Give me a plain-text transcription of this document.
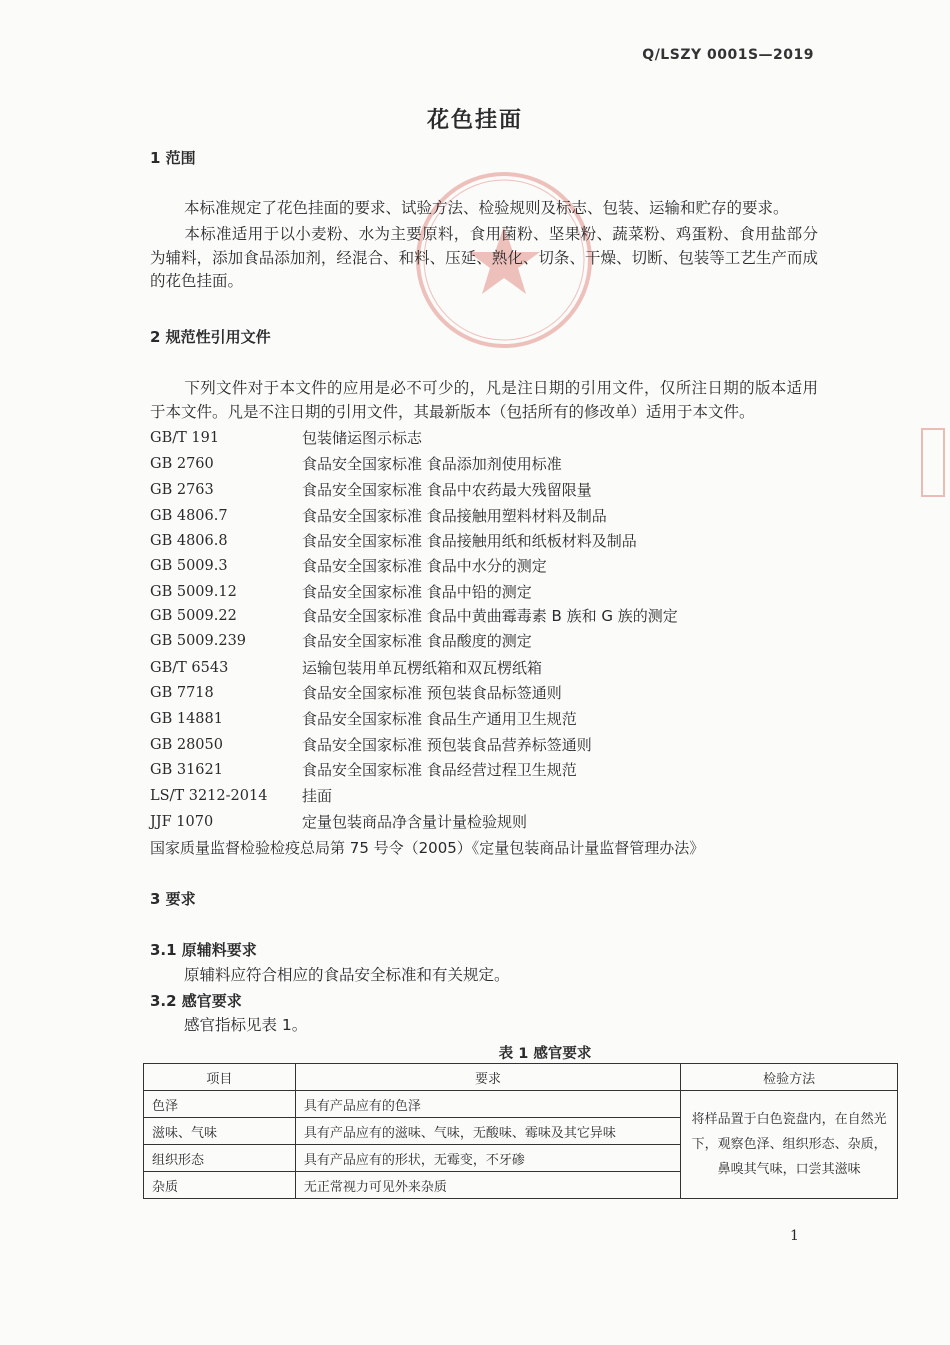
Q/LSZY 0001S—2019
花色挂面
1 范围
本标准规定了花色挂面的要求、试验方法、检验规则及标志、包装、运输和贮存的要求。
本标准适用于以小麦粉、水为主要原料，食用菌粉、坚果粉、蔬菜粉、鸡蛋粉、食用盐部分为辅料，添加食品添加剂，经混合、和料、压延、熟化、切条、干燥、切断、包装等工艺生产而成的花色挂面。
2 规范性引用文件
下列文件对于本文件的应用是必不可少的，凡是注日期的引用文件，仅所注日期的版本适用于本文件。凡是不注日期的引用文件，其最新版本（包括所有的修改单）适用于本文件。
GB/T 191	包装储运图示标志
GB 2760	食品安全国家标准 食品添加剂使用标准
GB 2763	食品安全国家标准 食品中农药最大残留限量
GB 4806.7	食品安全国家标准 食品接触用塑料材料及制品
GB 4806.8	食品安全国家标准 食品接触用纸和纸板材料及制品
GB 5009.3	食品安全国家标准 食品中水分的测定
GB 5009.12	食品安全国家标准 食品中铅的测定
GB 5009.22	食品安全国家标准 食品中黄曲霉毒素 B 族和 G 族的测定
GB 5009.239	食品安全国家标准 食品酸度的测定
GB/T 6543	运输包装用单瓦楞纸箱和双瓦楞纸箱
GB 7718	食品安全国家标准 预包装食品标签通则
GB 14881	食品安全国家标准 食品生产通用卫生规范
GB 28050	食品安全国家标准 预包装食品营养标签通则
GB 31621	食品安全国家标准 食品经营过程卫生规范
LS/T 3212-2014 挂面
JJF 1070	定量包装商品净含量计量检验规则
国家质量监督检验检疫总局第 75 号令（2005）《定量包装商品计量监督管理办法》
3 要求
3.1 原辅料要求
原辅料应符合相应的食品安全标准和有关规定。
3.2 感官要求
感官指标见表 1。
表 1 感官要求
项目	要求	检验方法
色泽	具有产品应有的色泽	将样品置于白色瓷盘内，在自然光下，观察色泽、组织形态、杂质，鼻嗅其气味，口尝其滋味
滋味、气味	具有产品应有的滋味、气味，无酸味、霉味及其它异味	
组织形态	具有产品应有的形状，无霉变，不牙碜	
杂质	无正常视力可见外来杂质	
1
